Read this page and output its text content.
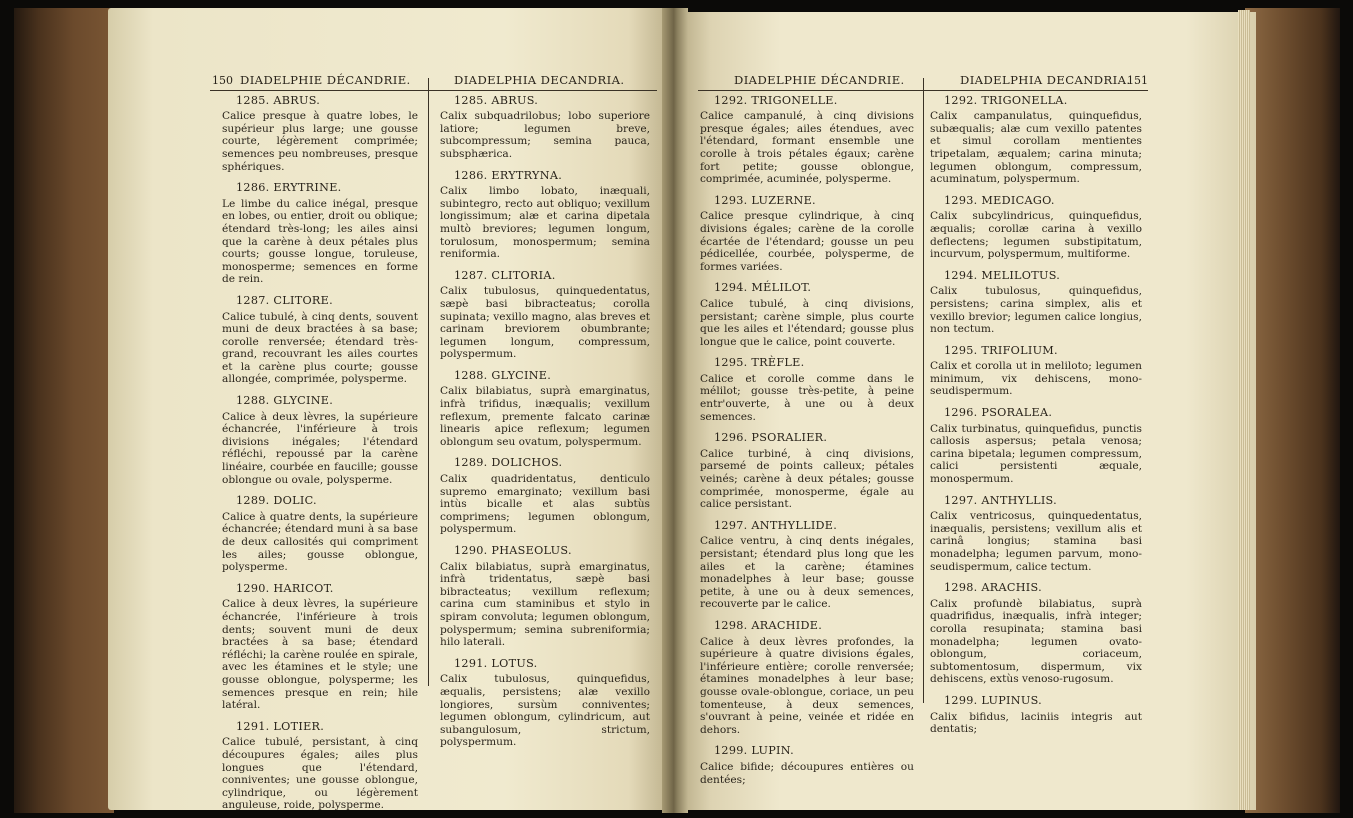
150 DIADELPHIE DÉCANDRIE.
1285. ABRUS.
Calice presque à quatre lobes, le supérieur plus large; une gousse courte, légèrement comprimée; semences peu nombreuses, presque sphériques.
1286. ERYTRINE.
Le limbe du calice inégal, presque en lobes, ou entier, droit ou oblique; étendard très-long; les ailes ainsi que la carène à deux pétales plus courts; gousse longue, toruleuse, monosperme; semences en forme de rein.
1287. CLITORE.
Calice tubulé, à cinq dents, souvent muni de deux bractées à sa base; corolle renversée; étendard très-grand, recouvrant les ailes courtes et la carène plus courte; gousse allongée, comprimée, polysperme.
1288. GLYCINE.
Calice à deux lèvres, la supérieure échancrée, l'inférieure à trois divisions inégales; l'étendard réfléchi, repoussé par la carène linéaire, courbée en faucille; gousse oblongue ou ovale, polysperme.
1289. DOLIC.
Calice à quatre dents, la supérieure échancrée; étendard muni à sa base de deux callosités qui compriment les ailes; gousse oblongue, polysperme.
1290. HARICOT.
Calice à deux lèvres, la supérieure échancrée, l'inférieure à trois dents; souvent muni de deux bractées à sa base; étendard réfléchi; la carène roulée en spirale, avec les étamines et le style; une gousse oblongue, polysperme; les semences presque en rein; hile latéral.
1291. LOTIER.
Calice tubulé, persistant, à cinq découpures égales; ailes plus longues que l'étendard, conniventes; une gousse oblongue, cylindrique, ou légèrement anguleuse, roide, polysperme.
DIADELPHIA DECANDRIA.
1285. ABRUS.
Calix subquadrilobus; lobo superiore latiore; legumen breve, subcompressum; semina pauca, subsphærica.
1286. ERYTRYNA.
Calix limbo lobato, inæquali, subintegro, recto aut obliquo; vexillum longissimum; alæ et carina dipetala multò breviores; legumen longum, torulosum, monospermum; semina reniformia.
1287. CLITORIA.
Calix tubulosus, quinquedentatus, sæpè basi bibracteatus; corolla supinata; vexillo magno, alas breves et carinam breviorem obumbrante; legumen longum, compressum, polyspermum.
1288. GLYCINE.
Calix bilabiatus, suprà emarginatus, infrà trifidus, inæqualis; vexillum reflexum, premente falcato carinæ linearis apice reflexum; legumen oblongum seu ovatum, polyspermum.
1289. DOLICHOS.
Calix quadridentatus, denticulo supremo emarginato; vexillum basi intùs bicalle et alas subtùs comprimens; legumen oblongum, polyspermum.
1290. PHASEOLUS.
Calix bilabiatus, suprà emarginatus, infrà tridentatus, sæpè basi bibracteatus; vexillum reflexum; carina cum staminibus et stylo in spiram convoluta; legumen oblongum, polyspermum; semina subreniformia; hilo laterali.
1291. LOTUS.
Calix tubulosus, quinquefidus, æqualis, persistens; alæ vexillo longiores, sursùm conniventes; legumen oblongum, cylindricum, aut subangulosum, strictum, polyspermum.
151
DIADELPHIE DÉCANDRIE.
1292. TRIGONELLE.
Calice campanulé, à cinq divisions presque égales; ailes étendues, avec l'étendard, formant ensemble une corolle à trois pétales égaux; carène fort petite; gousse oblongue, comprimée, acuminée, polysperme.
1293. LUZERNE.
Calice presque cylindrique, à cinq divisions égales; carène de la corolle écartée de l'étendard; gousse un peu pédicellée, courbée, polysperme, de formes variées.
1294. MÉLILOT.
Calice tubulé, à cinq divisions, persistant; carène simple, plus courte que les ailes et l'étendard; gousse plus longue que le calice, point couverte.
1295. TRÈFLE.
Calice et corolle comme dans le mélilot; gousse très-petite, à peine entr'ouverte, à une ou à deux semences.
1296. PSORALIER.
Calice turbiné, à cinq divisions, parsemé de points calleux; pétales veinés; carène à deux pétales; gousse comprimée, monosperme, égale au calice persistant.
1297. ANTHYLLIDE.
Calice ventru, à cinq dents inégales, persistant; étendard plus long que les ailes et la carène; étamines monadelphes à leur base; gousse petite, à une ou à deux semences, recouverte par le calice.
1298. ARACHIDE.
Calice à deux lèvres profondes, la supérieure à quatre divisions égales, l'inférieure entière; corolle renversée; étamines monadelphes à leur base; gousse ovale-oblongue, coriace, un peu tomenteuse, à deux semences, s'ouvrant à peine, veinée et ridée en dehors.
1299. LUPIN.
Calice bifide; découpures entières ou dentées;
DIADELPHIA DECANDRIA.
1292. TRIGONELLA.
Calix campanulatus, quinquefidus, subæqualis; alæ cum vexillo patentes et simul corollam mentientes tripetalam, æqualem; carina minuta; legumen oblongum, compressum, acuminatum, polyspermum.
1293. MEDICAGO.
Calix subcylindricus, quinquefidus, æqualis; corollæ carina à vexillo deflectens; legumen substipitatum, incurvum, polyspermum, multiforme.
1294. MELILOTUS.
Calix tubulosus, quinquefidus, persistens; carina simplex, alis et vexillo brevior; legumen calice longius, non tectum.
1295. TRIFOLIUM.
Calix et corolla ut in meliloto; legumen minimum, vix dehiscens, mono-seudispermum.
1296. PSORALEA.
Calix turbinatus, quinquefidus, punctis callosis aspersus; petala venosa; carina bipetala; legumen compressum, calici persistenti æquale, monospermum.
1297. ANTHYLLIS.
Calix ventricosus, quinquedentatus, inæqualis, persistens; vexillum alis et carinâ longius; stamina basi monadelpha; legumen parvum, mono-seudispermum, calice tectum.
1298. ARACHIS.
Calix profundè bilabiatus, suprà quadrifidus, inæqualis, infrà integer; corolla resupinata; stamina basi monadelpha; legumen ovato-oblongum, coriaceum, subtomentosum, dispermum, vix dehiscens, extùs venoso-rugosum.
1299. LUPINUS.
Calix bifidus, laciniis integris aut dentatis;
